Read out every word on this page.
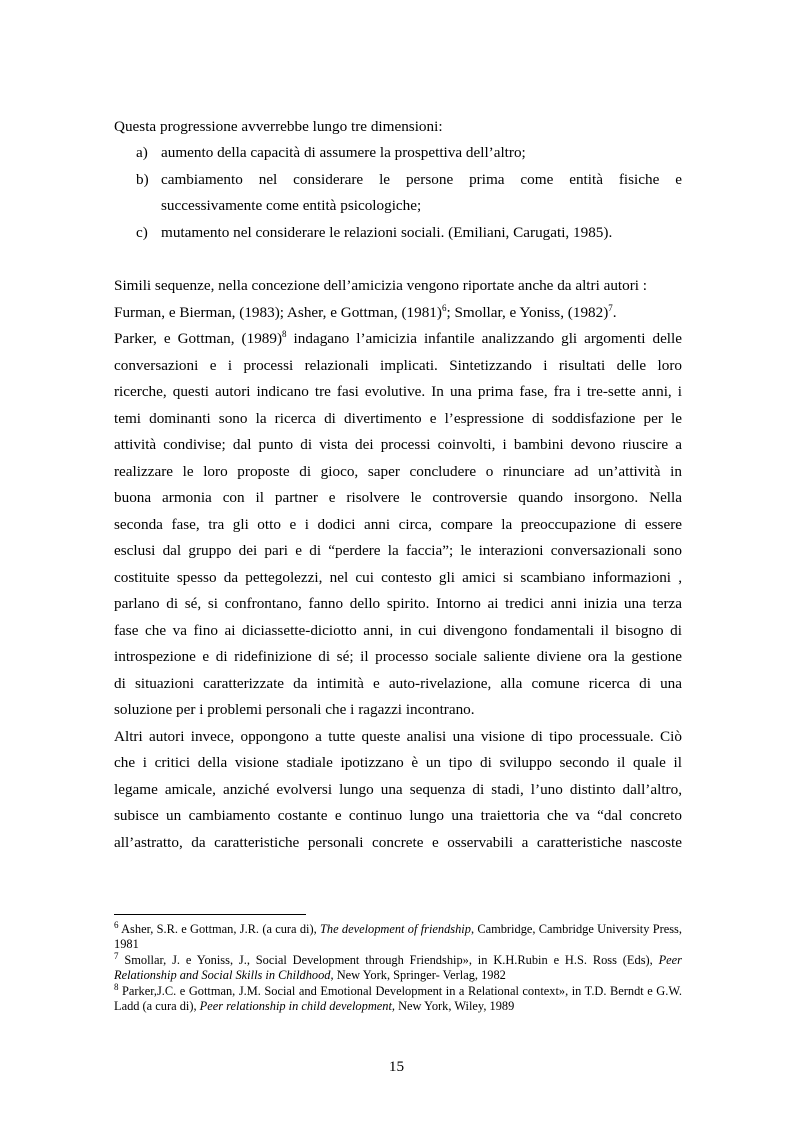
Questa progressione avverrebbe lungo tre dimensioni:
a) aumento della capacità di assumere la prospettiva dell’altro;
b) cambiamento nel considerare le persone prima come entità fisiche e
successivamente come entità psicologiche;
c) mutamento nel considerare le relazioni sociali. (Emiliani, Carugati, 1985).
Simili sequenze, nella concezione dell’amicizia vengono riportate anche da altri autori :
Furman, e Bierman, (1983); Asher, e Gottman, $(1981)^6$; Smollar, e Yoniss, $(1982)^7$.
Parker, e Gottman, $(1989)^8$ indagano l’amicizia infantile analizzando gli argomenti delle
conversazioni e i processi relazionali implicati. Sintetizzando i risultati delle loro
ricerche, questi autori indicano tre fasi evolutive. In una prima fase, fra i tre-sette anni, i
temi dominanti sono la ricerca di divertimento e l’espressione di soddisfazione per le
attività condivise; dal punto di vista dei processi coinvolti, i bambini devono riuscire a
realizzare le loro proposte di gioco, saper concludere o rinunciare ad un’attività in
buona armonia con il partner e risolvere le controversie quando insorgono. Nella
seconda fase, tra gli otto e i dodici anni circa, compare la preoccupazione di essere
esclusi dal gruppo dei pari e di “perdere la faccia”; le interazioni conversazionali sono
costituite spesso da pettegolezzi, nel cui contesto gli amici si scambiano informazioni ,
parlano di sé, si confrontano, fanno dello spirito. Intorno ai tredici anni inizia una terza
fase che va fino ai diciassette-diciotto anni, in cui divengono fondamentali il bisogno di
introspezione e di ridefinizione di sé; il processo sociale saliente diviene ora la gestione
di situazioni caratterizzate da intimità e auto-rivelazione, alla comune ricerca di una
soluzione per i problemi personali che i ragazzi incontrano.
Altri autori invece, oppongono a tutte queste analisi una visione di tipo processuale. Ciò
che i critici della visione stadiale ipotizzano è un tipo di sviluppo secondo il quale il
legame amicale, anziché evolversi lungo una sequenza di stadi, l’uno distinto dall’altro,
subisce un cambiamento costante e continuo lungo una traiettoria che va “dal concreto
all’astratto, da caratteristiche personali concrete e osservabili a caratteristiche nascoste
$^6$ Asher, S.R. e Gottman, J.R. (a cura di), The development of friendship, Cambridge, Cambridge University Press, 1981
$^7$ Smollar, J. e Yoniss, J., Social Development through Friendship», in K.H.Rubin e H.S. Ross (Eds), Peer Relationship and Social Skills in Childhood, New York, Springer- Verlag, 1982
$^8$ Parker,J.C. e Gottman, J.M. Social and Emotional Development in a Relational context», in T.D. Berndt e G.W. Ladd (a cura di), Peer relationship in child development, New York, Wiley, 1989
15
